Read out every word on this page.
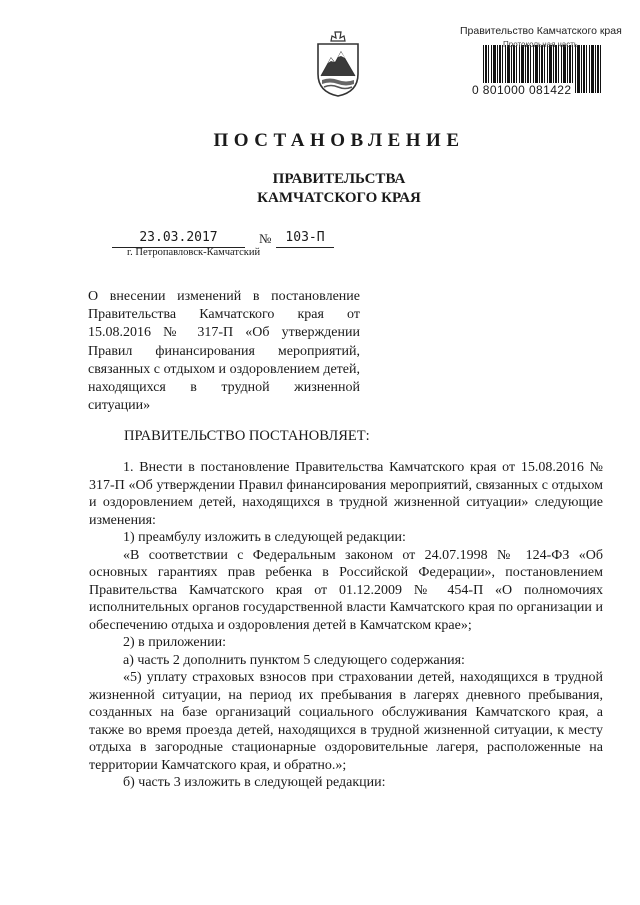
Правительство Камчатского края
Протокольная часть
0 801000 081422
ПОСТАНОВЛЕНИЕ
ПРАВИТЕЛЬСТВА
КАМЧАТСКОГО КРАЯ
23.03.2017	№	103-П
г. Петропавловск-Камчатский
О внесении изменений в постановление Правительства Камчатского края от 15.08.2016 № 317-П «Об утверждении Правил финансирования мероприятий, связанных с отдыхом и оздоровлением детей, находящихся в трудной жизненной ситуации»
ПРАВИТЕЛЬСТВО ПОСТАНОВЛЯЕТ:

1. Внести в постановление Правительства Камчатского края от 15.08.2016 № 317-П «Об утверждении Правил финансирования мероприятий, связанных с отдыхом и оздоровлением детей, находящихся в трудной жизненной ситуации» следующие изменения:

1) преамбулу изложить в следующей редакции:

«В соответствии с Федеральным законом от 24.07.1998 № 124-ФЗ «Об основных гарантиях прав ребенка в Российской Федерации», постановлением Правительства Камчатского края от 01.12.2009 № 454-П «О полномочиях исполнительных органов государственной власти Камчатского края по организации и обеспечению отдыха и оздоровления детей в Камчатском крае»;

2) в приложении:

а) часть 2 дополнить пунктом 5 следующего содержания:

«5) уплату страховых взносов при страховании детей, находящихся в трудной жизненной ситуации, на период их пребывания в лагерях дневного пребывания, созданных на базе организаций социального обслуживания Камчатского края, а также во время проезда детей, находящихся в трудной жизненной ситуации, к месту отдыха в загородные стационарные оздоровительные лагеря, расположенные на территории Камчатского края, и обратно.»;

б) часть 3 изложить в следующей редакции:
